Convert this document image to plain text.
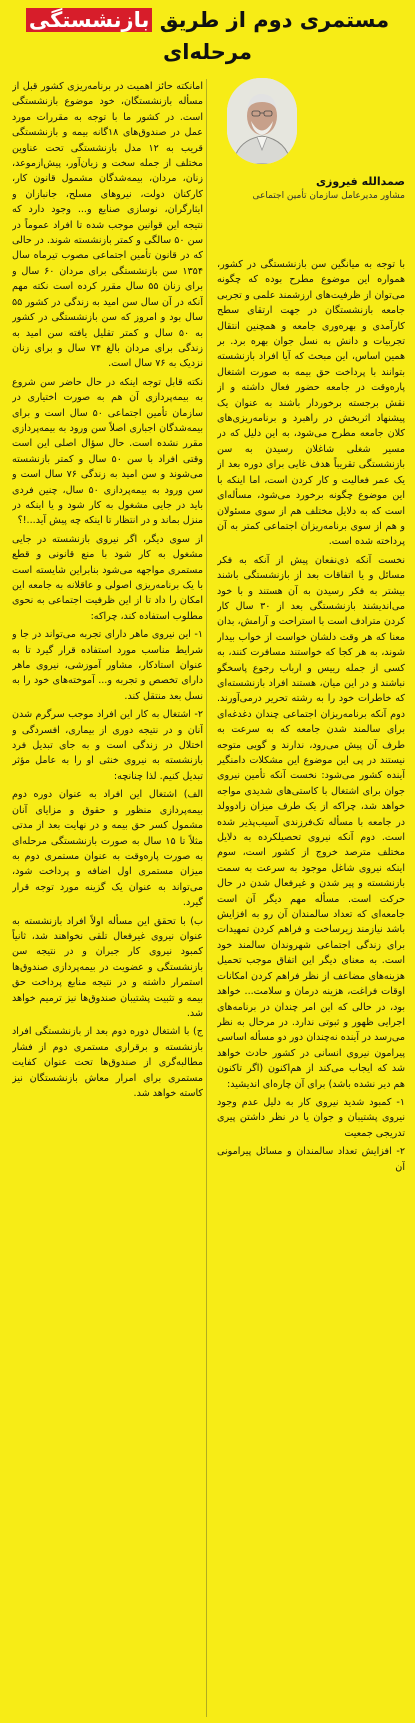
مستمری دوم از طریق بازنشستگی
مرحله‌ای
صمدالله فیروزی
مشاور مدیرعامل سازمان تأمین اجتماعی

با توجه به میانگین سن بازنشستگی در کشور، همواره این موضوع مطرح بوده که چگونه می‌توان از ظرفیت‌های ارزشمند علمی و تجربی جامعه بازنشستگان در جهت ارتقای سطح کارآمدی و بهره‌وری جامعه و همچنین انتقال تجربیات و دانش به نسل جوان بهره برد. بر همین اساس، این مبحث که آیا افراد بازنشسته بتوانند با پرداخت حق بیمه به صورت اشتغال پاره‌وقت در جامعه حضور فعال داشته و از نقش برجسته برخوردار باشند به عنوان یک پیشنهاد اثربخش در راهبرد و برنامه‌ریزی‌های کلان جامعه مطرح می‌شود، به این دلیل که در مسیر شغلی شاغلان رسیدن به سن بازنشستگی تقریباً هدف غایی برای دوره بعد از یک عمر فعالیت و کار کردن است، اما اینکه با این موضوع چگونه برخورد می‌شود، مسأله‌ای است که به دلایل مختلف هم از سوی مسئولان و هم از سوی برنامه‌ریزان اجتماعی کمتر به آن پرداخته شده است.

نخست آنکه ذی‌نفعان پیش از آنکه به فکر مسائل و یا اتفاقات بعد از بازنشستگی باشند بیشتر به فکر رسیدن به آن هستند و با خود می‌اندیشند بازنشستگی بعد از ۳۰ سال کار کردن مترادف است با استراحت و آرامش، بدان معنا که هر وقت دلشان خواست از خواب بیدار شوند، به هر کجا که خواستند مسافرت کنند، به کسی از جمله رییس و ارباب رجوع پاسخگو نباشند و در این میان، هستند افراد بازنشسته‌ای که خاطرات خود را به رشته تحریر درمی‌آورند. دوم آنکه برنامه‌ریزان اجتماعی چندان دغدغه‌ای برای سالمند شدن جامعه که به سرعت به طرف آن پیش می‌رود، ندارند و گویی متوجه نیستند در پی این موضوع این مشکلات دامنگیر آینده کشور می‌شود: نخست آنکه تأمین نیروی جوان برای اشتغال با کاستی‌های شدیدی مواجه خواهد شد، چراکه از یک طرف میزان زادوولد در جامعه با مسأله تک‌فرزندی آسیب‌پذیر شده است. دوم آنکه نیروی تحصیلکرده به دلایل مختلف مترصد خروج از کشور است، سوم اینکه نیروی شاغل موجود به سرعت به سمت بازنشسته و پیر شدن و غیرفعال شدن در حال حرکت است. مسأله مهم دیگر آن است جامعه‌ای که تعداد سالمندان آن رو به افزایش باشد نیازمند زیرساخت و فراهم کردن تمهیدات برای زندگی اجتماعی شهروندان سالمند خود است. به معنای دیگر این اتفاق موجب تحمیل هزینه‌های مضاعف از نظر فراهم کردن امکانات اوقات فراغت، هزینه درمان و سلامت... خواهد بود، در حالی که این امر چندان در برنامه‌های اجرایی ظهور و ثبوتی ندارد. در مرحال به نظر می‌رسد در آینده نه‌چندان دور دو مسأله اساسی پیرامون نیروی انسانی در کشور حادث خواهد شد که ایجاب می‌کند از هم‌اکنون (اگر تاکنون هم دیر نشده باشد) برای آن چاره‌ای اندیشید:

۱- کمبود شدید نیروی کار به دلیل عدم وجود نیروی پشتیبان و جوان یا در نظر داشتن پیری تدریجی جمعیت

۲- افزایش تعداد سالمندان و مسائل پیرامونی آن

امانکته حائز اهمیت در برنامه‌ریزی کشور قبل از مسأله بازنشستگان، خود موضوع بازنشستگی است. در کشور ما با توجه به مقررات مورد عمل در صندوق‌های ۱۸گانه بیمه و بازنشستگی قریب به ۱۲ مدل بازنشستگی تحت عناوین مختلف از جمله سخت و زیان‌آور، پیش‌ازموعد، زنان، مردان، بیمه‌شدگان مشمول قانون کار، کارکنان دولت، نیروهای مسلح، جانبازان و ایثارگران، نوسازی صنایع و... وجود دارد که نتیجه این قوانین موجب شده تا افراد عموماً در سن ۵۰ سالگی و کمتر بازنشسته شوند. در حالی که در قانون تأمین اجتماعی مصوب تیرماه سال ۱۳۵۴ سن بازنشستگی برای مردان ۶۰ سال و برای زنان ۵۵ سال مقرر کرده است نکته مهم آنکه در آن سال سن امید به زندگی در کشور ۵۵ سال بود و امروز که سن بازنشستگی در کشور به ۵۰ سال و کمتر تقلیل یافته سن امید به زندگی برای مردان بالغ ۷۴ سال و برای زنان نزدیک به ۷۶ سال است.

نکته قابل توجه اینکه در حال حاضر سن شروع به بیمه‌پردازی آن هم به صورت اختیاری در سازمان تأمین اجتماعی ۵۰ سال است و برای بیمه‌شدگان اجباری اصلاً سن ورود به بیمه‌پردازی مقرر نشده است. حال سؤال اصلی این است وقتی افراد با سن ۵۰ سال و کمتر بازنشسته می‌شوند و سن امید به زندگی ۷۶ سال است و سن ورود به بیمه‌پردازی ۵۰ سال، چنین فردی باید در جایی مشغول به کار شود و یا اینکه در منزل بماند و در انتظار تا اینکه چه پیش آید...!؟

از سوی دیگر، اگر نیروی بازنشسته در جایی مشغول به کار شود با منع قانونی و قطع مستمری مواجهه می‌شود بنابراین شایسته است با یک برنامه‌ریزی اصولی و عاقلانه به جامعه این امکان را داد تا از این ظرفیت اجتماعی به نحوی مطلوب استفاده کند، چراکه:

۱- این نیروی ماهر دارای تجربه می‌تواند در جا و شرایط مناسب مورد استفاده قرار گیرد تا به عنوان استادکار، مشاور آموزشی، نیروی ماهر دارای تخصص و تجربه و... آموخته‌های خود را به نسل بعد منتقل کند.

۲- اشتغال به کار این افراد موجب سرگرم شدن آنان و در نتیجه دوری از بیماری، افسردگی و اختلال در زندگی است و به جای تبدیل فرد بازنشسته به نیروی خنثی او را به عامل مؤثر تبدیل کنیم. لذا چنانچه:

الف) اشتغال این افراد به عنوان دوره دوم بیمه‌پردازی منظور و حقوق و مزایای آنان مشمول کسر حق بیمه و در نهایت بعد از مدتی مثلاً تا ۱۵ سال به صورت بازنشستگی مرحله‌ای به صورت پاره‌وقت به عنوان مستمری دوم به میزان مستمری اول اضافه و پرداخت شود، می‌تواند به عنوان یک گزینه مورد توجه قرار گیرد.

ب) با تحقق این مسأله اولاً افراد بازنشسته به عنوان نیروی غیرفعال تلقی نخواهند شد، ثانیاً کمبود نیروی کار جبران و در نتیجه سن بازنشستگی و عضویت در بیمه‌پردازی صندوق‌ها استمرار داشته و در نتیجه منابع پرداخت حق بیمه و تثبیت پشتیبان صندوق‌ها نیز ترمیم خواهد شد.

ج) با اشتغال دوره دوم بعد از بازنشستگی افراد بازنشسته و برقراری مستمری دوم از فشار مطالبه‌گری از صندوق‌ها تحت عنوان کفایت مستمری برای امرار معاش بازنشستگان نیز کاسته خواهد شد.
